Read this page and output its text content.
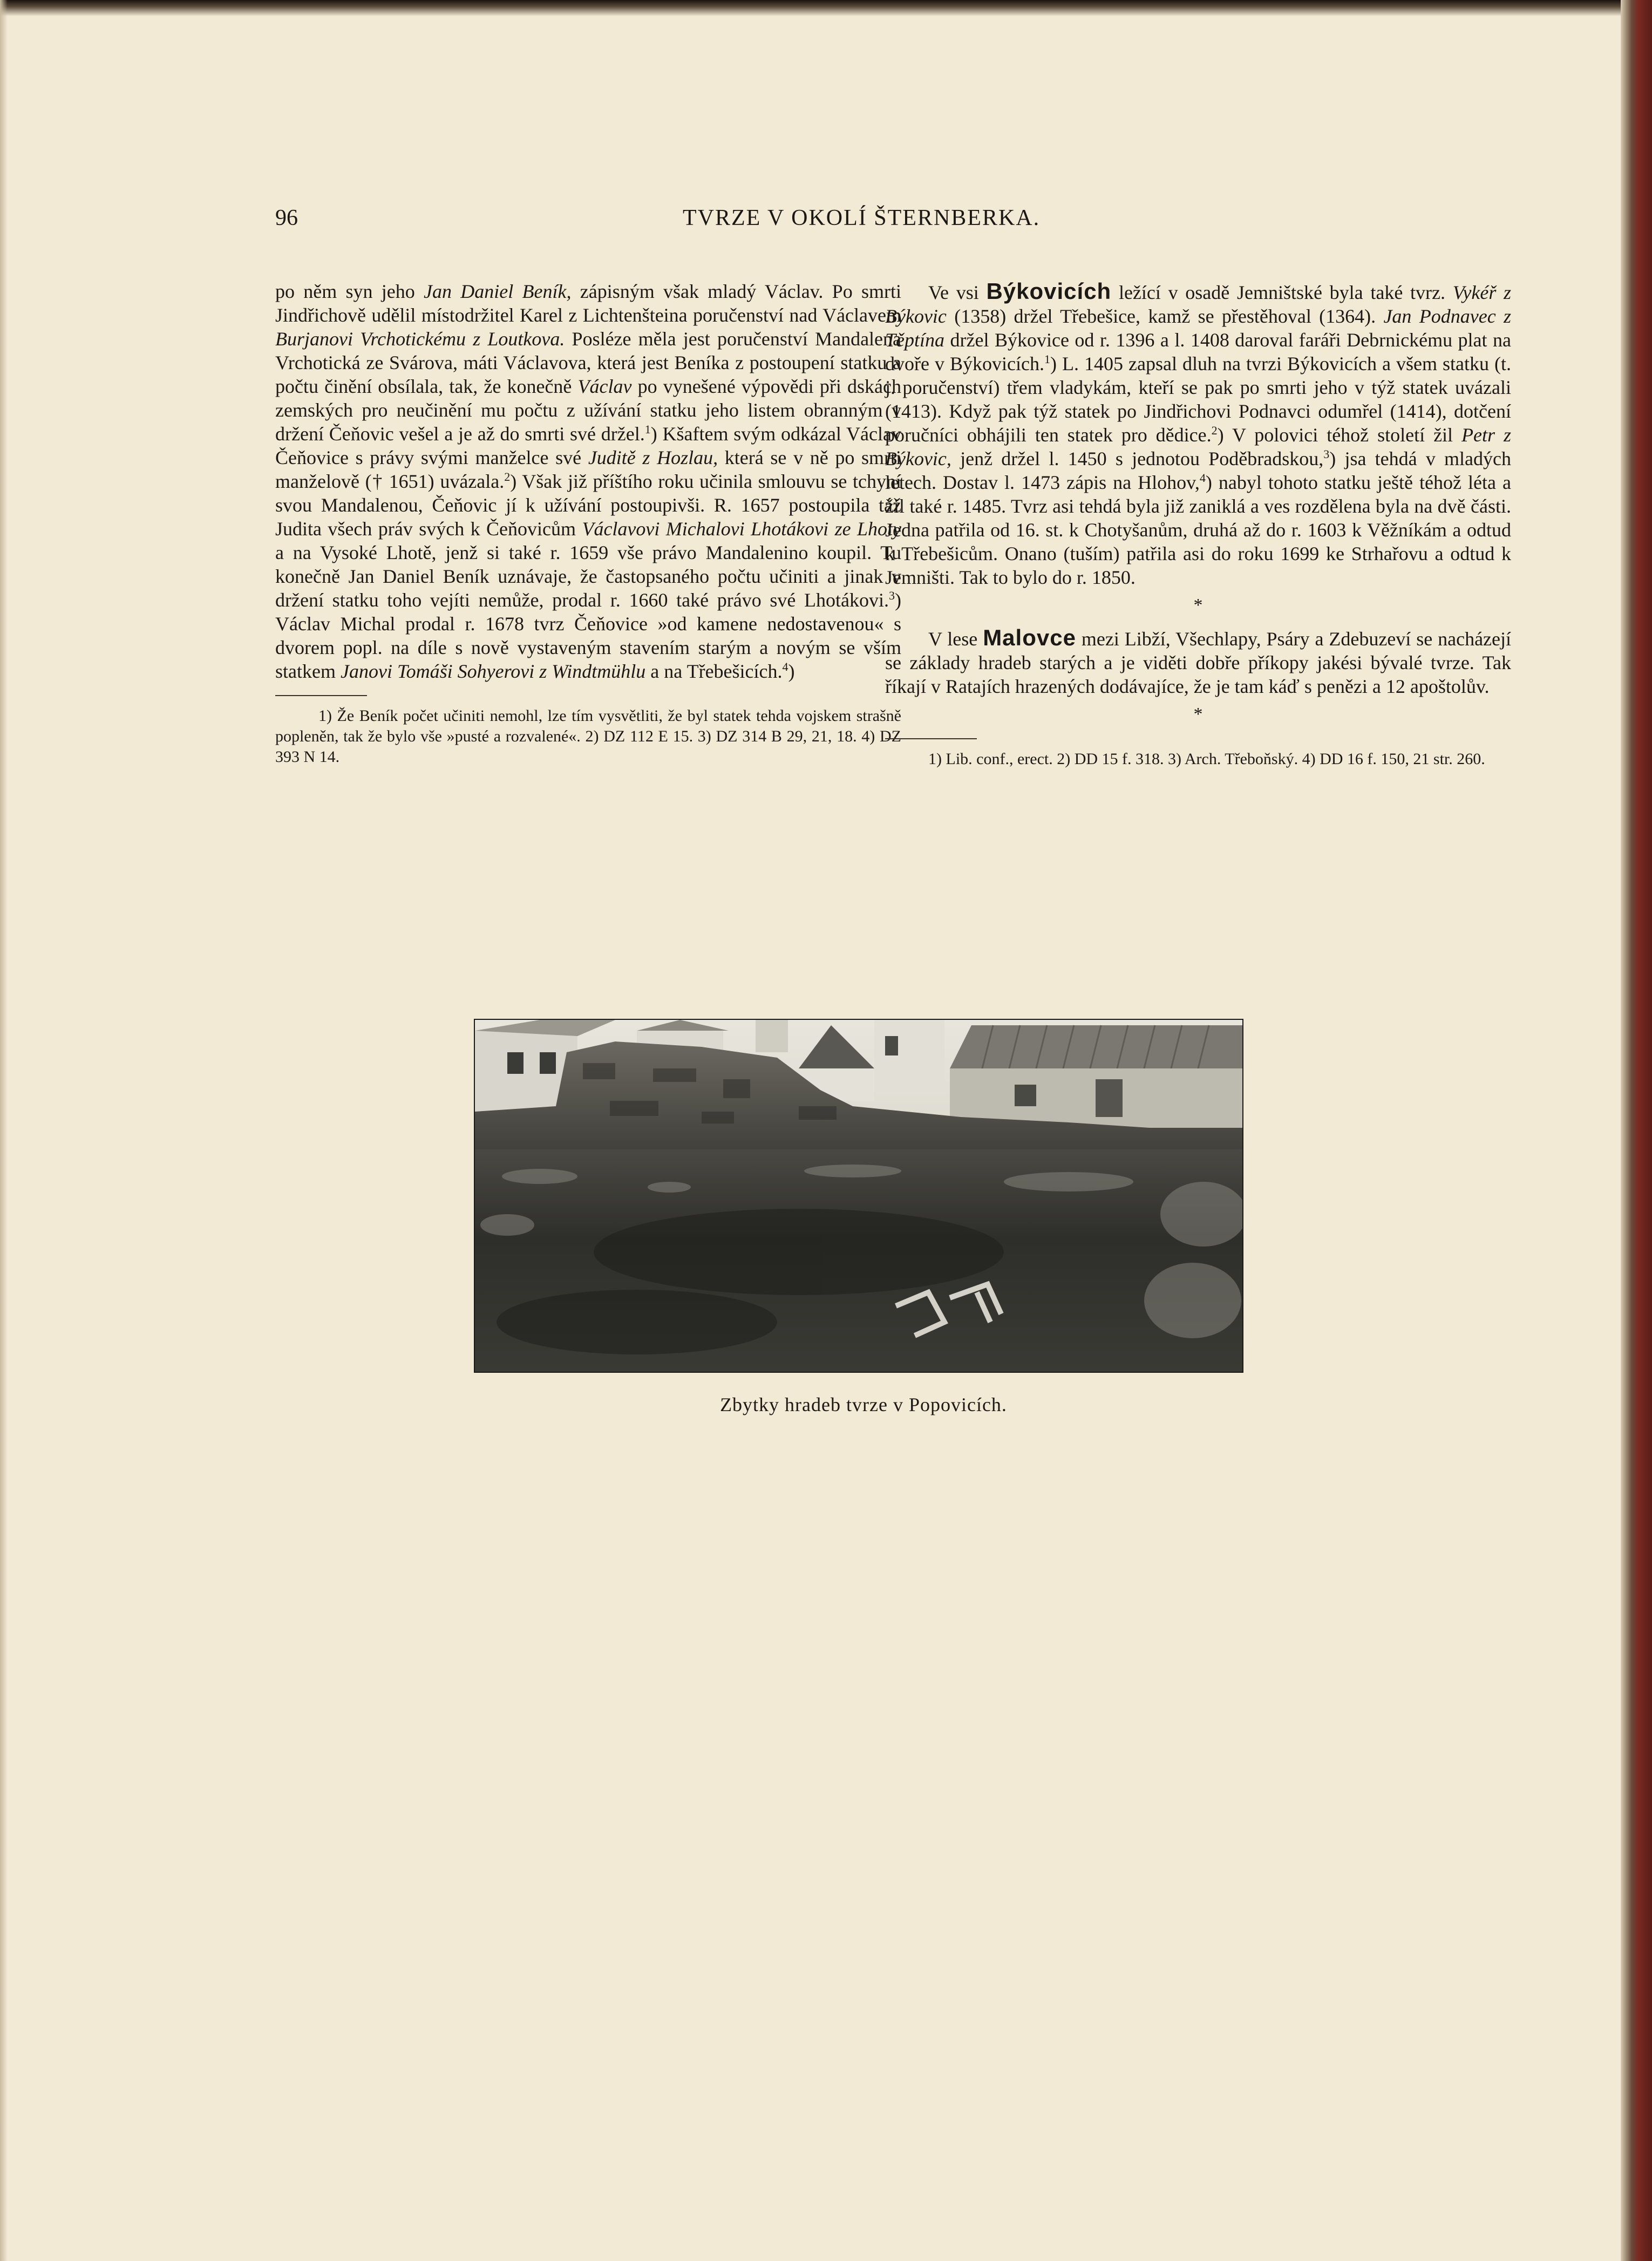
96	TVRZE V OKOLÍ ŠTERNBERKA.

po něm syn jeho Jan Daniel Beník, zápisným však mladý Václav. Po smrti Jindřichově udělil místodržitel Karel z Lichtenšteina poručenství nad Václavem Burjanovi Vrchotickému z Loutkova. Posléze měla jest poručenství Mandalena Vrchotická ze Svárova, máti Václavova, která jest Beníka z postoupení statku a počtu činění obsílala, tak, že konečně Václav po vynešené výpovědi při dskách zemských pro neučinění mu počtu z užívání statku jeho listem obranným v držení Čeňovic vešel a je až do smrti své držel.$^1$) Kšaftem svým odkázal Václav Čeňovice s právy svými manželce své Juditě z Hozlau, která se v ně po smrti manželově († 1651) uvázala.$^2$) Však již příštího roku učinila smlouvu se tchyní svou Mandalenou, Čeňovic jí k užívání postoupivši. R. 1657 postoupila táž Judita všech práv svých k Čeňovicům Václavovi Michalovi Lhotákovi ze Lhoty a na Vysoké Lhotě, jenž si také r. 1659 vše právo Mandalenino koupil. Tu konečně Jan Daniel Beník uznávaje, že častopsaného počtu učiniti a jinak v držení statku toho vejíti nemůže, prodal r. 1660 také právo své Lhotákovi.$^3$) Václav Michal prodal r. 1678 tvrz Čeňovice »od kamene nedostavenou« s dvorem popl. na díle s nově vystaveným stavením starým a novým se vším statkem Janovi Tomáši Sohyerovi z Windtmühlu a na Třebešicích.$^4$)

1) Že Beník počet učiniti nemohl, lze tím vysvětliti, že byl statek tehda vojskem strašně popleněn, tak že bylo vše »pusté a rozvalené«. 2) DZ 112 E 15. 3) DZ 314 B 29, 21, 18. 4) DZ 393 N 14.

Ve vsi Býkovicích ležící v osadě Jemništské byla také tvrz. Vykéř z Býkovic (1358) držel Třebešice, kamž se přestěhoval (1364). Jan Podnavec z Těptína držel Býkovice od r. 1396 a l. 1408 daroval faráři Debrnickému plat na dvoře v Býkovicích.$^1$) L. 1405 zapsal dluh na tvrzi Býkovicích a všem statku (t. j. poručenství) třem vladykám, kteří se pak po smrti jeho v týž statek uvázali (1413). Když pak týž statek po Jindřichovi Podnavci odumřel (1414), dotčení poručníci obhájili ten statek pro dědice.$^2$) V polovici téhož století žil Petr z Býkovic, jenž držel l. 1450 s jednotou Poděbradskou,$^3$) jsa tehdá v mladých letech. Dostav l. 1473 zápis na Hlohov,$^4$) nabyl tohoto statku ještě téhož léta a žil také r. 1485. Tvrz asi tehdá byla již zaniklá a ves rozdělena byla na dvě části. Jedna patřila od 16. st. k Chotyšanům, druhá až do r. 1603 k Věžníkám a odtud k Třebešicům. Onano (tuším) patřila asi do roku 1699 ke Strhařovu a odtud k Jemništi. Tak to bylo do r. 1850.

*

V lese Malovce mezi Libží, Všechlapy, Psáry a Zdebuzeví se nacházejí se základy hradeb starých a je viděti dobře příkopy jakési bývalé tvrze. Tak říkají v Ratajích hrazených dodávajíce, že je tam káď s penězi a 12 apoštolův.

*

1) Lib. conf., erect. 2) DD 15 f. 318. 3) Arch. Třeboňský. 4) DD 16 f. 150, 21 str. 260.

Zbytky hradeb tvrze v Popovicích.
